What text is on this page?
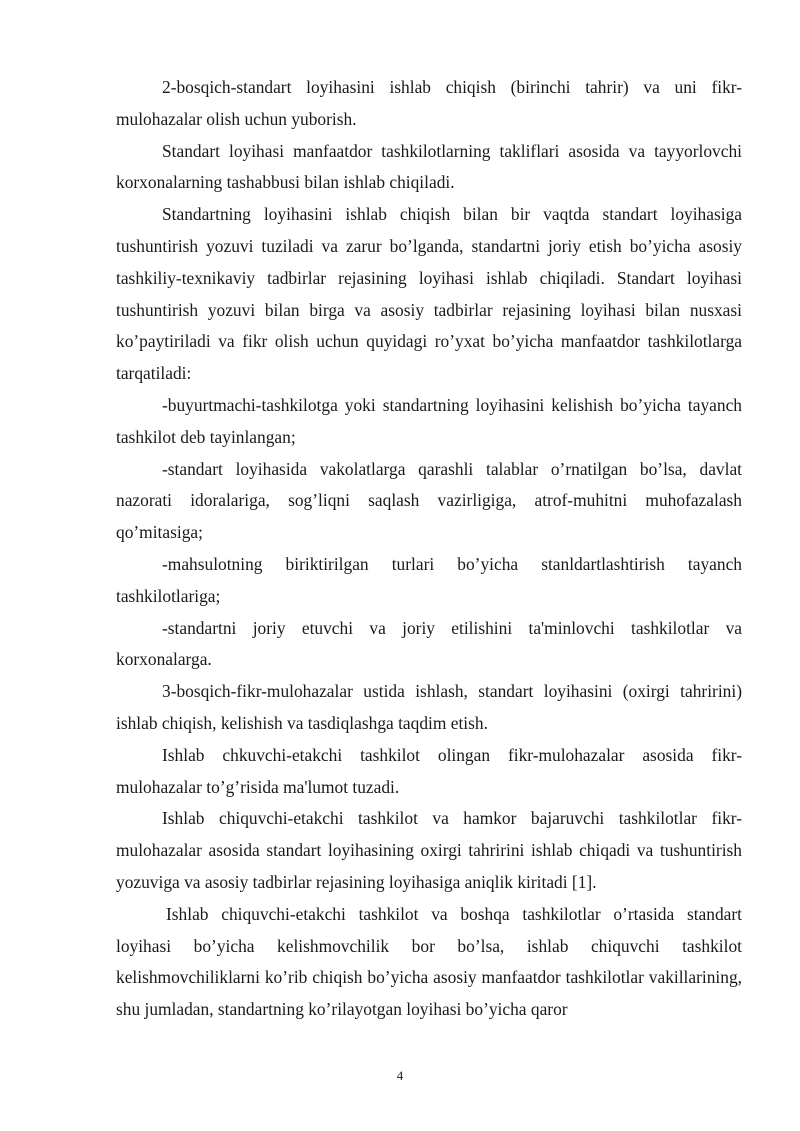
2-bosqich-standart loyihasini ishlab chiqish (birinchi tahrir) va uni fikr-mulohazalar olish uchun yuborish.

Standart loyihasi manfaatdor tashkilotlarning takliflari asosida va tayyorlovchi korxonalarning tashabbusi bilan ishlab chiqiladi.

Standartning loyihasini ishlab chiqish bilan bir vaqtda standart loyihasiga tushuntirish yozuvi tuziladi va zarur bo’lganda, standartni joriy etish bo’yicha asosiy tashkiliy-texnikaviy tadbirlar rejasining loyihasi ishlab chiqiladi. Standart loyihasi tushuntirish yozuvi bilan birga va asosiy tadbirlar rejasining loyihasi bilan nusxasi ko’paytiriladi va fikr olish uchun quyidagi ro’yxat bo’yicha manfaatdor tashkilotlarga tarqatiladi:

-buyurtmachi-tashkilotga yoki standartning loyihasini kelishish bo’yicha tayanch tashkilot deb tayinlangan;

-standart loyihasida vakolatlarga qarashli talablar o’rnatilgan bo’lsa, davlat nazorati idoralariga, sog’liqni saqlash vazirligiga, atrof-muhitni muhofazalash qo’mitasiga;

-mahsulotning biriktirilgan turlari bo’yicha stanldartlashtirish tayanch tashkilotlariga;

-standartni joriy etuvchi va joriy etilishini ta'minlovchi tashkilotlar va korxonalarga.

3-bosqich-fikr-mulohazalar ustida ishlash, standart loyihasini (oxirgi tahririni) ishlab chiqish, kelishish va tasdiqlashga taqdim etish.

Ishlab chkuvchi-etakchi tashkilot olingan fikr-mulohazalar asosida fikr-mulohazalar to’g’risida ma'lumot tuzadi.

Ishlab chiquvchi-etakchi tashkilot va hamkor bajaruvchi tashkilotlar fikr-mulohazalar asosida standart loyihasining oxirgi tahririni ishlab chiqadi va tushuntirish yozuviga va asosiy tadbirlar rejasining loyihasiga aniqlik kiritadi [1].

Ishlab chiquvchi-etakchi tashkilot va boshqa tashkilotlar o’rtasida standart loyihasi bo’yicha kelishmovchilik bor bo’lsa, ishlab chiquvchi tashkilot kelishmovchiliklarni ko’rib chiqish bo’yicha asosiy manfaatdor tashkilotlar vakillarining, shu jumladan, standartning ko’rilayotgan loyihasi bo’yicha qaror

4
